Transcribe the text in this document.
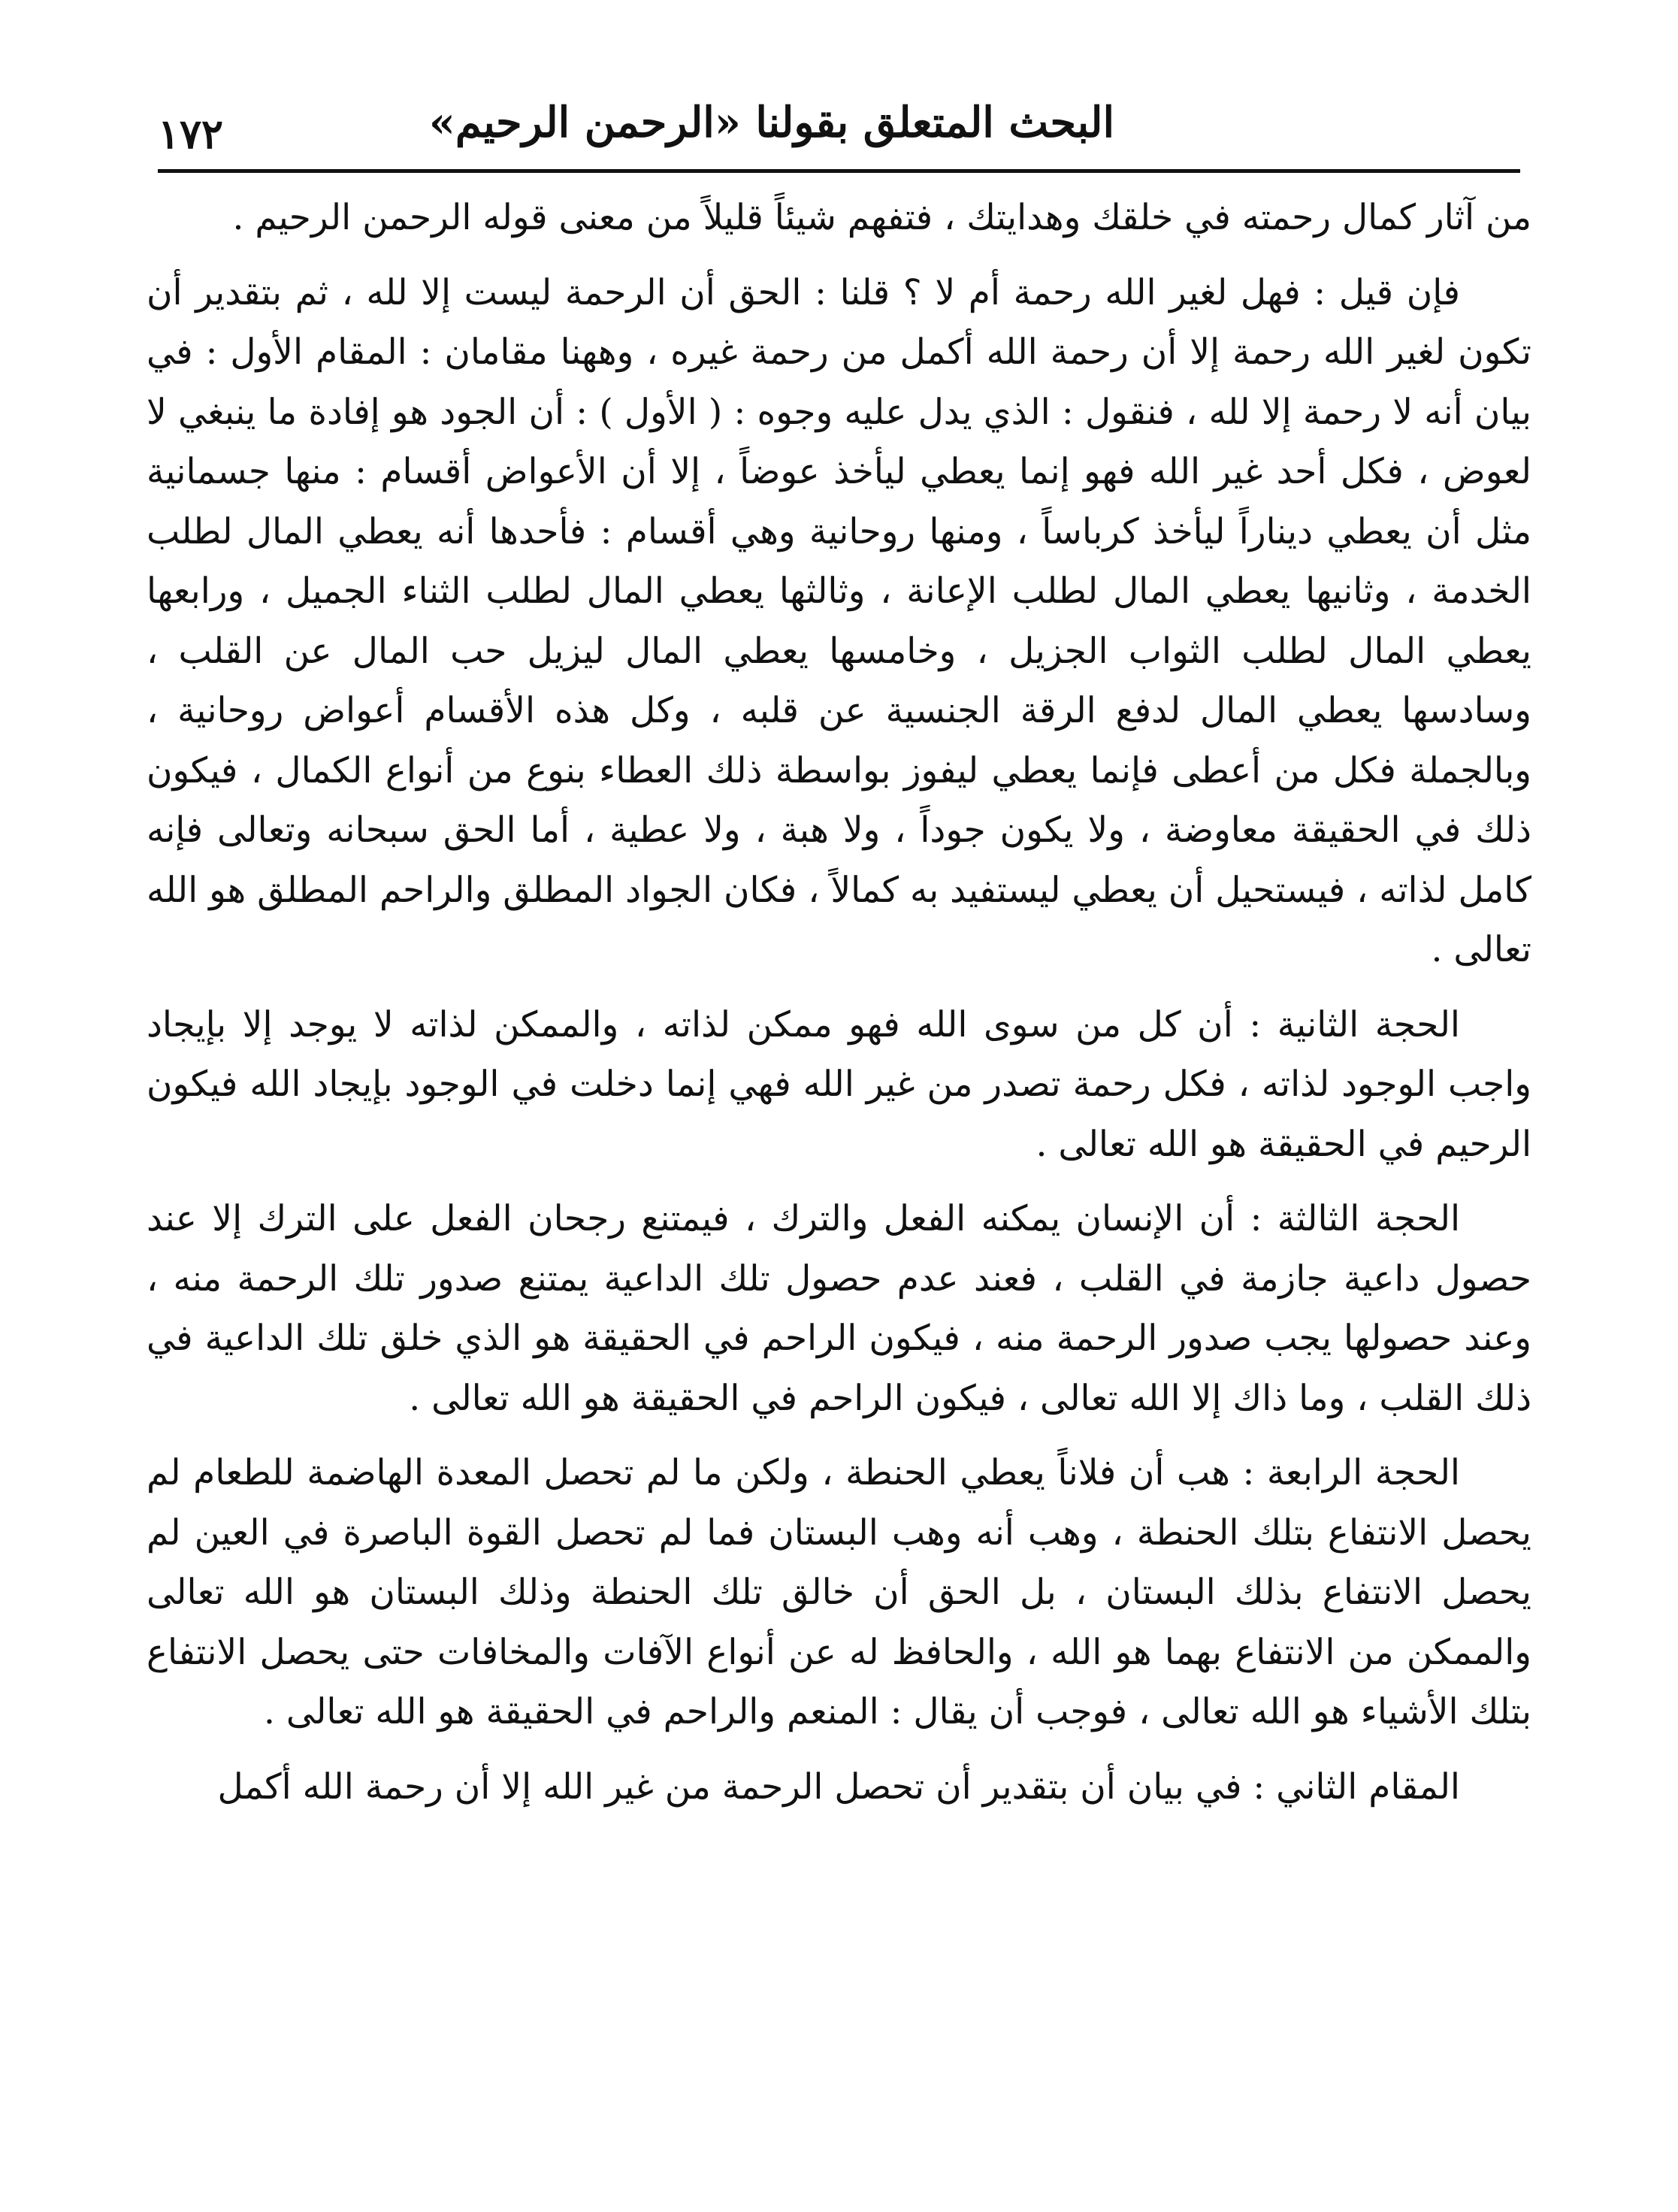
البحث المتعلق بقولنا «الرحمن الرحيم»
١٧٢

من آثار كمال رحمته في خلقك وهدايتك ، فتفهم شيئاً قليلاً من معنى قوله الرحمن الرحيم .

فإن قيل : فهل لغير الله رحمة أم لا ؟ قلنا : الحق أن الرحمة ليست إلا لله ، ثم بتقدير أن تكون لغير الله رحمة إلا أن رحمة الله أكمل من رحمة غيره ، وههنا مقامان : المقام الأول : في بيان أنه لا رحمة إلا لله ، فنقول : الذي يدل عليه وجوه : ( الأول ) : أن الجود هو إفادة ما ينبغي لا لعوض ، فكل أحد غير الله فهو إنما يعطي ليأخذ عوضاً ، إلا أن الأعواض أقسام : منها جسمانية مثل أن يعطي ديناراً ليأخذ كرباساً ، ومنها روحانية وهي أقسام : فأحدها أنه يعطي المال لطلب الخدمة ، وثانيها يعطي المال لطلب الإعانة ، وثالثها يعطي المال لطلب الثناء الجميل ، ورابعها يعطي المال لطلب الثواب الجزيل ، وخامسها يعطي المال ليزيل حب المال عن القلب ، وسادسها يعطي المال لدفع الرقة الجنسية عن قلبه ، وكل هذه الأقسام أعواض روحانية ، وبالجملة فكل من أعطى فإنما يعطي ليفوز بواسطة ذلك العطاء بنوع من أنواع الكمال ، فيكون ذلك في الحقيقة معاوضة ، ولا يكون جوداً ، ولا هبة ، ولا عطية ، أما الحق سبحانه وتعالى فإنه كامل لذاته ، فيستحيل أن يعطي ليستفيد به كمالاً ، فكان الجواد المطلق والراحم المطلق هو الله تعالى .

الحجة الثانية : أن كل من سوى الله فهو ممكن لذاته ، والممكن لذاته لا يوجد إلا بإيجاد واجب الوجود لذاته ، فكل رحمة تصدر من غير الله فهي إنما دخلت في الوجود بإيجاد الله فيكون الرحيم في الحقيقة هو الله تعالى .

الحجة الثالثة : أن الإنسان يمكنه الفعل والترك ، فيمتنع رجحان الفعل على الترك إلا عند حصول داعية جازمة في القلب ، فعند عدم حصول تلك الداعية يمتنع صدور تلك الرحمة منه ، وعند حصولها يجب صدور الرحمة منه ، فيكون الراحم في الحقيقة هو الذي خلق تلك الداعية في ذلك القلب ، وما ذاك إلا الله تعالى ، فيكون الراحم في الحقيقة هو الله تعالى .

الحجة الرابعة : هب أن فلاناً يعطي الحنطة ، ولكن ما لم تحصل المعدة الهاضمة للطعام لم يحصل الانتفاع بتلك الحنطة ، وهب أنه وهب البستان فما لم تحصل القوة الباصرة في العين لم يحصل الانتفاع بذلك البستان ، بل الحق أن خالق تلك الحنطة وذلك البستان هو الله تعالى والممكن من الانتفاع بهما هو الله ، والحافظ له عن أنواع الآفات والمخافات حتى يحصل الانتفاع بتلك الأشياء هو الله تعالى ، فوجب أن يقال : المنعم والراحم في الحقيقة هو الله تعالى .

المقام الثاني : في بيان أن بتقدير أن تحصل الرحمة من غير الله إلا أن رحمة الله أكمل
